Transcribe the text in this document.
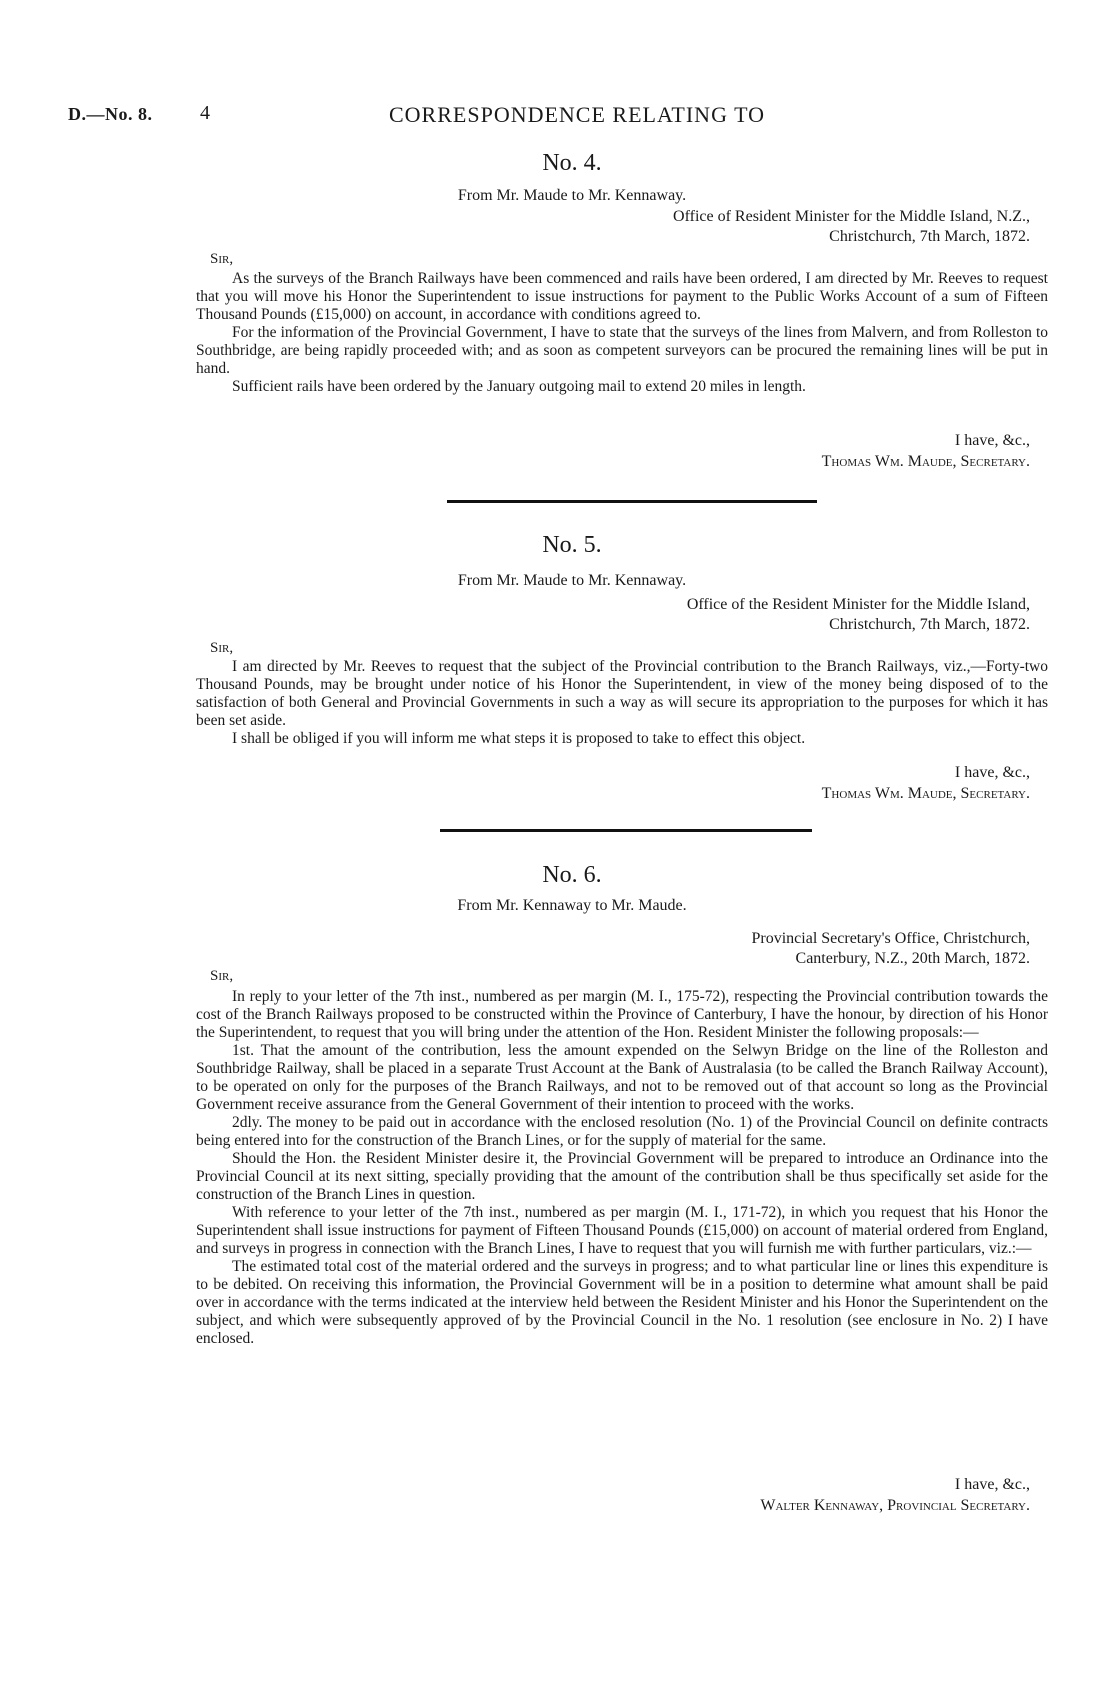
D.—No. 8. 4	CORRESPONDENCE RELATING TO
No. 4.
From Mr. Maude to Mr. Kennaway.
Office of Resident Minister for the Middle Island, N.Z.,
Christchurch, 7th March, 1872.
Sir,

As the surveys of the Branch Railways have been commenced and rails have been ordered, I am directed by Mr. Reeves to request that you will move his Honor the Superintendent to issue instructions for payment to the Public Works Account of a sum of Fifteen Thousand Pounds (£15,000) on account, in accordance with conditions agreed to.

For the information of the Provincial Government, I have to state that the surveys of the lines from Malvern, and from Rolleston to Southbridge, are being rapidly proceeded with; and as soon as competent surveyors can be procured the remaining lines will be put in hand.

Sufficient rails have been ordered by the January outgoing mail to extend 20 miles in length.

I have, &c.,
Thomas Wm. Maude, Secretary.
No. 5.
From Mr. Maude to Mr. Kennaway.
Office of the Resident Minister for the Middle Island,
Christchurch, 7th March, 1872.
Sir,

I am directed by Mr. Reeves to request that the subject of the Provincial contribution to the Branch Railways, viz.,—Forty-two Thousand Pounds, may be brought under notice of his Honor the Superintendent, in view of the money being disposed of to the satisfaction of both General and Provincial Governments in such a way as will secure its appropriation to the purposes for which it has been set aside.

I shall be obliged if you will inform me what steps it is proposed to take to effect this object.

I have, &c.,
Thomas Wm. Maude, Secretary.
No. 6.
From Mr. Kennaway to Mr. Maude.
Provincial Secretary's Office, Christchurch,
Canterbury, N.Z., 20th March, 1872.
Sir,

In reply to your letter of the 7th inst., numbered as per margin (M. I., 175-72), respecting the Provincial contribution towards the cost of the Branch Railways proposed to be constructed within the Province of Canterbury, I have the honour, by direction of his Honor the Superintendent, to request that you will bring under the attention of the Hon. Resident Minister the following proposals:—

1st. That the amount of the contribution, less the amount expended on the Selwyn Bridge on the line of the Rolleston and Southbridge Railway, shall be placed in a separate Trust Account at the Bank of Australasia (to be called the Branch Railway Account), to be operated on only for the purposes of the Branch Railways, and not to be removed out of that account so long as the Provincial Government receive assurance from the General Government of their intention to proceed with the works.

2dly. The money to be paid out in accordance with the enclosed resolution (No. 1) of the Provincial Council on definite contracts being entered into for the construction of the Branch Lines, or for the supply of material for the same.

Should the Hon. the Resident Minister desire it, the Provincial Government will be prepared to introduce an Ordinance into the Provincial Council at its next sitting, specially providing that the amount of the contribution shall be thus specifically set aside for the construction of the Branch Lines in question.

With reference to your letter of the 7th inst., numbered as per margin (M. I., 171-72), in which you request that his Honor the Superintendent shall issue instructions for payment of Fifteen Thousand Pounds (£15,000) on account of material ordered from England, and surveys in progress in connection with the Branch Lines, I have to request that you will furnish me with further particulars, viz.:—

The estimated total cost of the material ordered and the surveys in progress; and to what particular line or lines this expenditure is to be debited. On receiving this information, the Provincial Government will be in a position to determine what amount shall be paid over in accordance with the terms indicated at the interview held between the Resident Minister and his Honor the Superintendent on the subject, and which were subsequently approved of by the Provincial Council in the No. 1 resolution (see enclosure in No. 2) I have enclosed.

I have, &c.,
Walter Kennaway, Provincial Secretary.
